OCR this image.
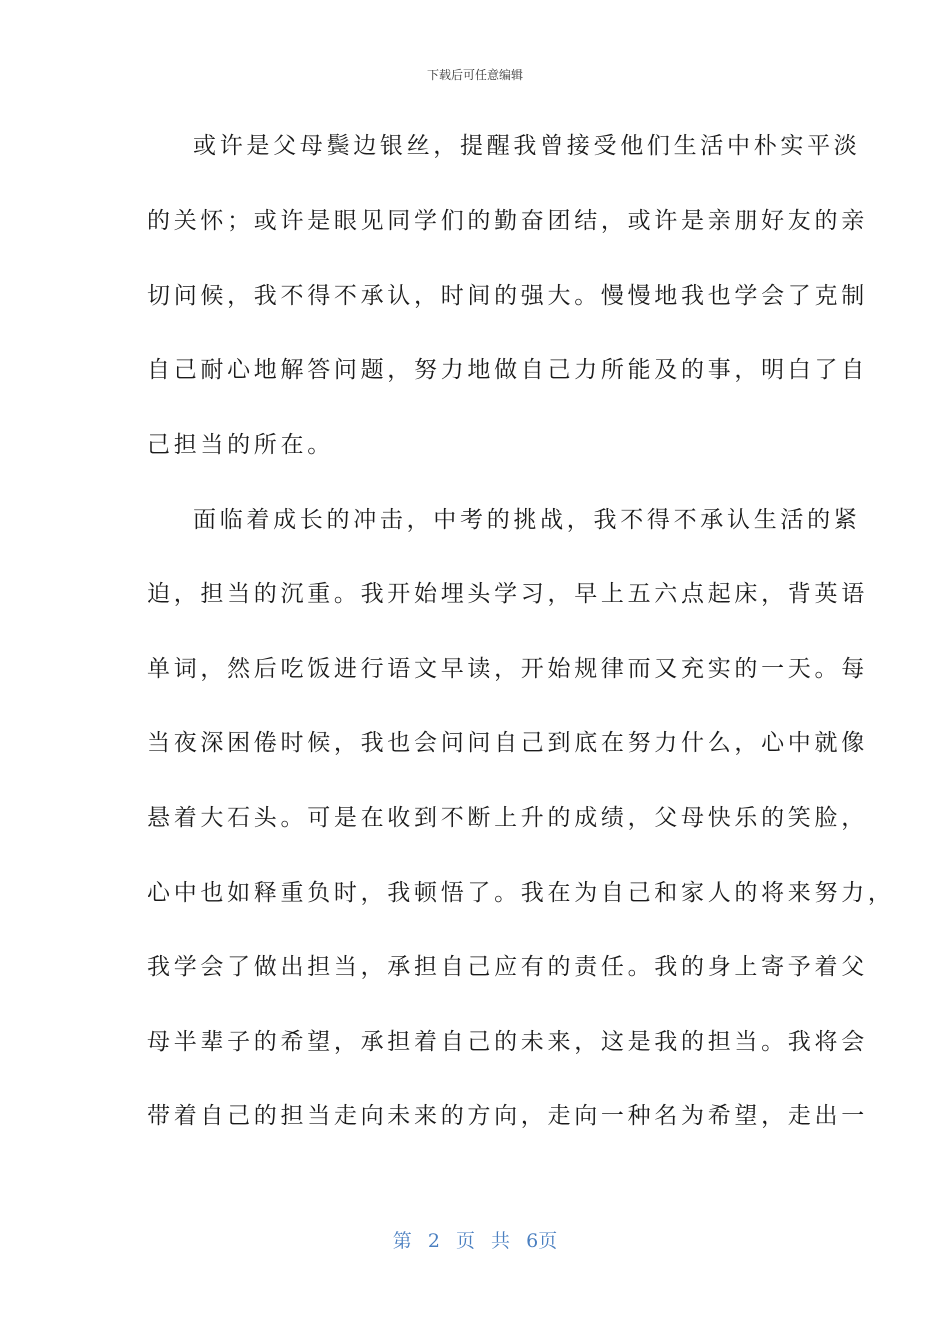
下载后可任意编辑
或许是父母鬓边银丝，提醒我曾接受他们生活中朴实平淡
的关怀；或许是眼见同学们的勤奋团结，或许是亲朋好友的亲
切问候，我不得不承认，时间的强大。慢慢地我也学会了克制
自己耐心地解答问题，努力地做自己力所能及的事，明白了自
己担当的所在。
面临着成长的冲击，中考的挑战，我不得不承认生活的紧
迫，担当的沉重。我开始埋头学习，早上五六点起床，背英语
单词，然后吃饭进行语文早读，开始规律而又充实的一天。每
当夜深困倦时候，我也会问问自己到底在努力什么，心中就像
悬着大石头。可是在收到不断上升的成绩，父母快乐的笑脸，
心中也如释重负时，我顿悟了。我在为自己和家人的将来努力，
我学会了做出担当，承担自己应有的责任。我的身上寄予着父
母半辈子的希望，承担着自己的未来，这是我的担当。我将会
带着自己的担当走向未来的方向，走向一种名为希望，走出一
第 2 页 共 6页
